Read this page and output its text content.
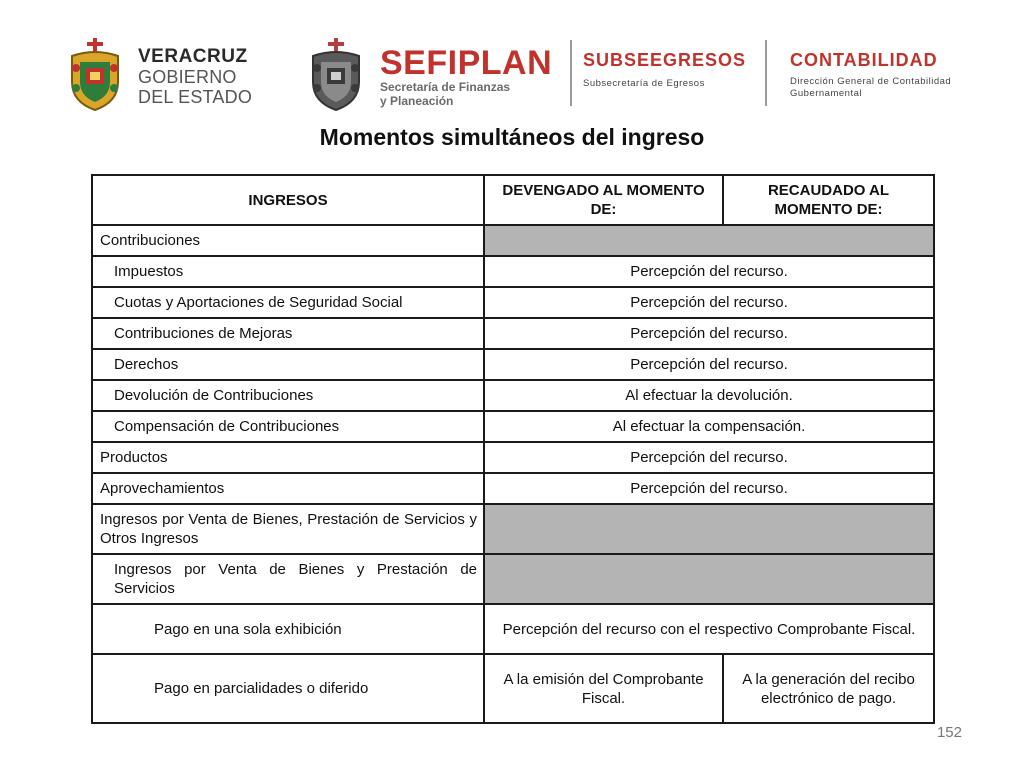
VERACRUZ
GOBIERNO
DEL ESTADO
SEFIPLAN
Secretaría de Finanzas
y Planeación
SUBSEEGRESOS
Subsecretaría de Egresos
CONTABILIDAD
Dirección General de Contabilidad
Gubernamental
Momentos simultáneos del ingreso
INGRESOS	DEVENGADO AL MOMENTO DE:	RECAUDADO AL MOMENTO DE:
Contribuciones		
Impuestos	Percepción del recurso.	
Cuotas y Aportaciones de Seguridad Social	Percepción del recurso.	
Contribuciones de Mejoras	Percepción del recurso.	
Derechos	Percepción del recurso.	
Devolución de Contribuciones	Al efectuar la devolución.	
Compensación de Contribuciones	Al efectuar la compensación.	
Productos	Percepción del recurso.	
Aprovechamientos	Percepción del recurso.	
Ingresos por Venta de Bienes, Prestación de Servicios y Otros Ingresos		
Ingresos por Venta de Bienes y Prestación de Servicios		
Pago en una sola exhibición	Percepción del recurso con el respectivo Comprobante Fiscal.	
Pago en parcialidades o diferido	A la emisión del Comprobante Fiscal.	A la generación del recibo electrónico de pago.
152
